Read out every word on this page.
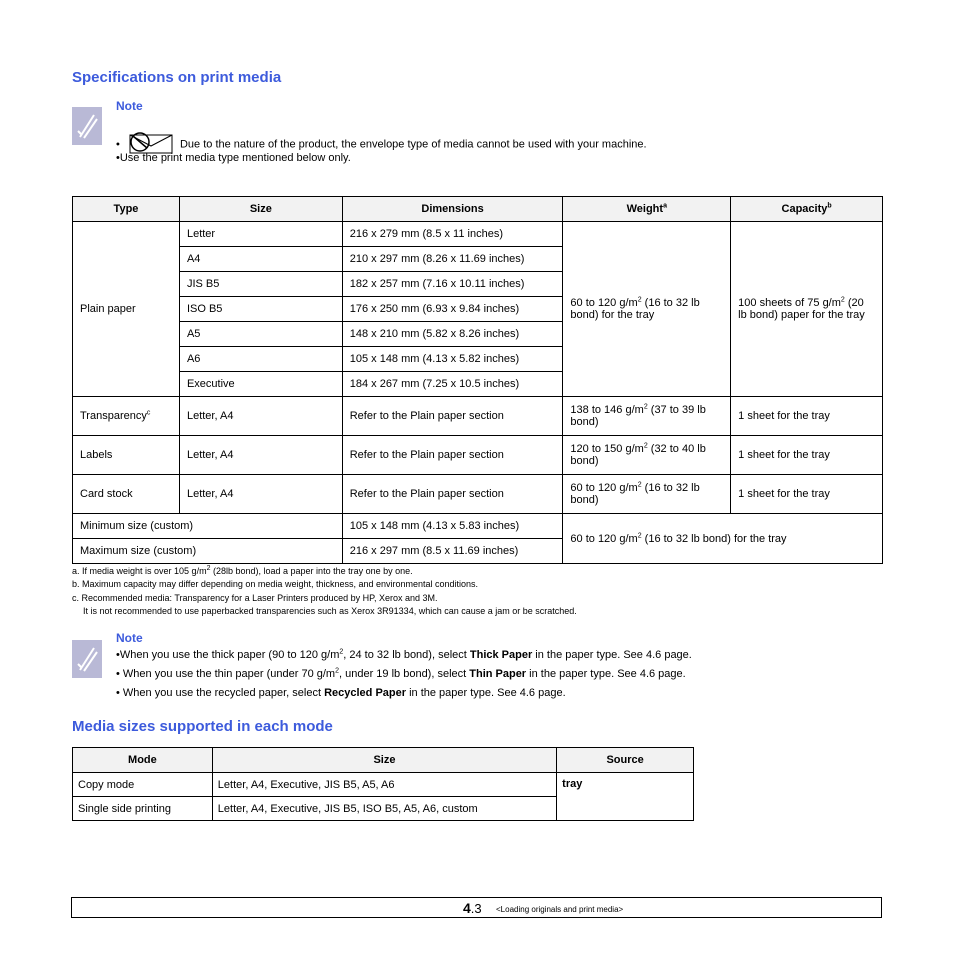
Specifications on print media
Note
•	Due to the nature of the product, the envelope type of media cannot be used with your machine.
•Use the print media type mentioned below only.
Type	Size	Dimensions	Weight$^a$	Capacity$^b$
Plain paper	Letter	216 x 279 mm (8.5 x 11 inches)	60 to 120 $g/m^2$ (16 to 32 lb bond) for the tray	100 sheets of 75 $g/m^2$ (20 lb bond) paper for the tray
	A4	210 x 297 mm (8.26 x 11.69 inches)		
	JIS B5	182 x 257 mm (7.16 x 10.11 inches)		
	ISO B5	176 x 250 mm (6.93 x 9.84 inches)		
	A5	148 x 210 mm (5.82 x 8.26 inches)		
	A6	105 x 148 mm (4.13 x 5.82 inches)		
	Executive	184 x 267 mm (7.25 x 10.5 inches)		
Transparency$^c$	Letter, A4	Refer to the Plain paper section	138 to 146 $g/m^2$ (37 to 39 lb bond)	1 sheet for the tray
Labels	Letter, A4	Refer to the Plain paper section	120 to 150 $g/m^2$ (32 to 40 lb bond)	1 sheet for the tray
Card stock	Letter, A4	Refer to the Plain paper section	60 to 120 $g/m^2$ (16 to 32 lb bond)	1 sheet for the tray
Minimum size (custom)		105 x 148 mm (4.13 x 5.83 inches)	60 to 120 $g/m^2$ (16 to 32 lb bond) for the tray	
Maximum size (custom)		216 x 297 mm (8.5 x 11.69 inches)		
a. If media weight is over 105 $g/m^2$ (28lb bond), load a paper into the tray one by one.
b. Maximum capacity may differ depending on media weight, thickness, and environmental conditions.
c. Recommended media: Transparency for a Laser Printers produced by HP, Xerox and 3M.
It is not recommended to use paperbacked transparencies such as Xerox 3R91334, which can cause a jam or be scratched.
Note
•When you use the thick paper (90 to 120 $g/m^2$, 24 to 32 lb bond), select Thick Paper in the paper type. See 4.6 page.
• When you use the thin paper (under 70 $g/m^2$, under 19 lb bond), select Thin Paper in the paper type. See 4.6 page.
• When you use the recycled paper, select Recycled Paper in the paper type. See 4.6 page.
Media sizes supported in each mode
Mode	Size	Source
Copy mode	Letter, A4, Executive, JIS B5, A5, A6	tray
Single side printing	Letter, A4, Executive, JIS B5, ISO B5, A5, A6, custom	
4.3 <Loading originals and print media>
